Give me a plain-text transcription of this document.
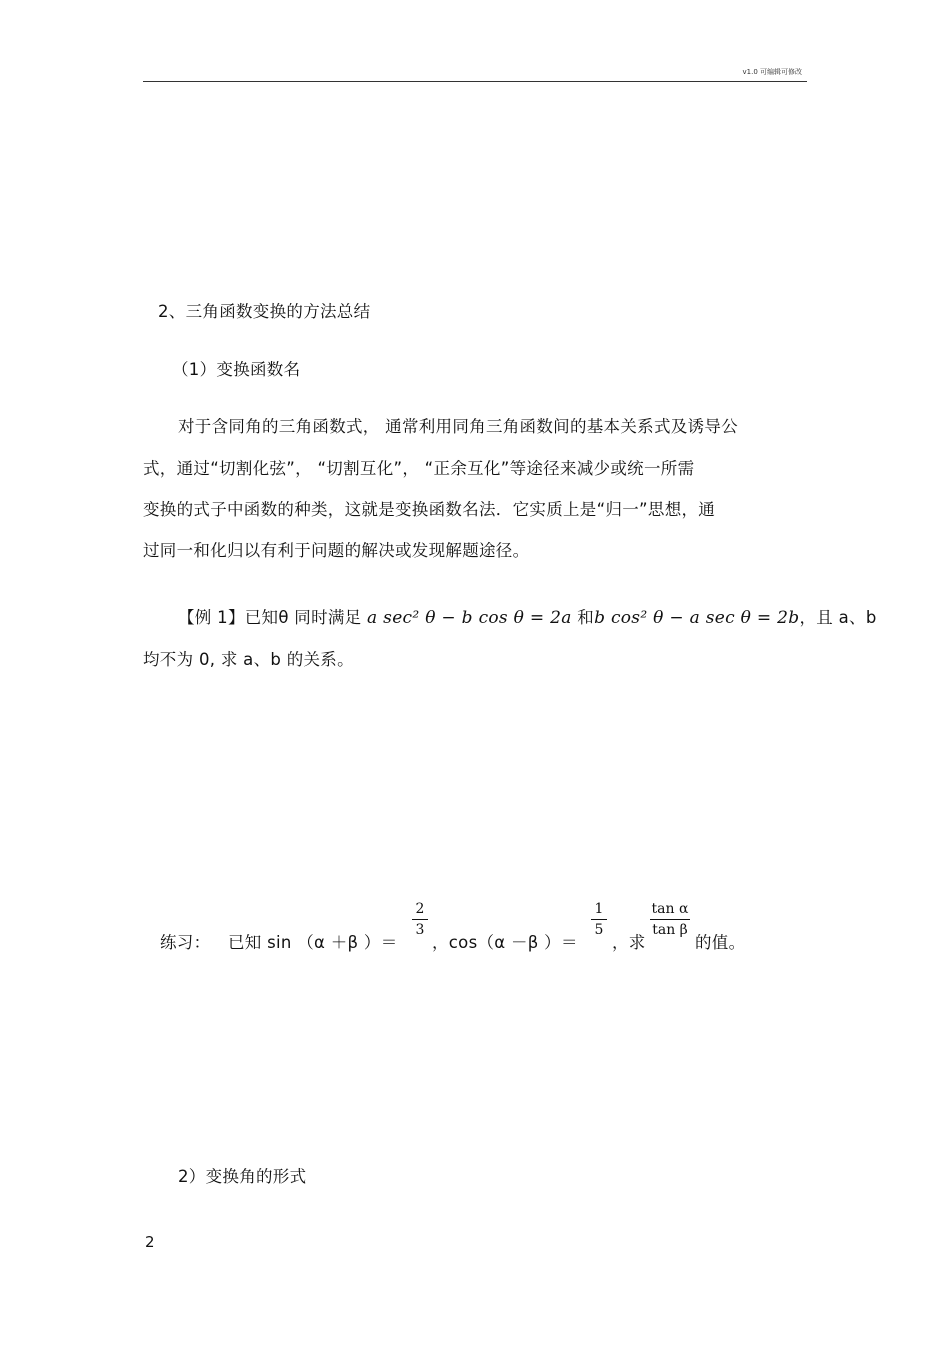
v1.0 可编辑可修改
2、三角函数变换的方法总结
（1）变换函数名
对于含同角的三角函数式， 通常利用同角三角函数间的基本关系式及诱导公
式，通过“切割化弦”， “切割互化”， “正余互化”等途径来减少或统一所需
变换的式子中函数的种类，这就是变换函数名法．它实质上是“归一”思想，通
过同一和化归以有利于问题的解决或发现解题途径。
【例 1】已知θ 同时满足 a sec² θ − b cos θ = 2a 和b cos² θ − a sec θ = 2b，且 a、b
均不为 0, 求 a、b 的关系。
练习： 已知 sin （α ＋β ）＝
2
3
，cos（α －β ）＝
1
5
，求
tan α
tan β
的值。
2）变换角的形式
2
